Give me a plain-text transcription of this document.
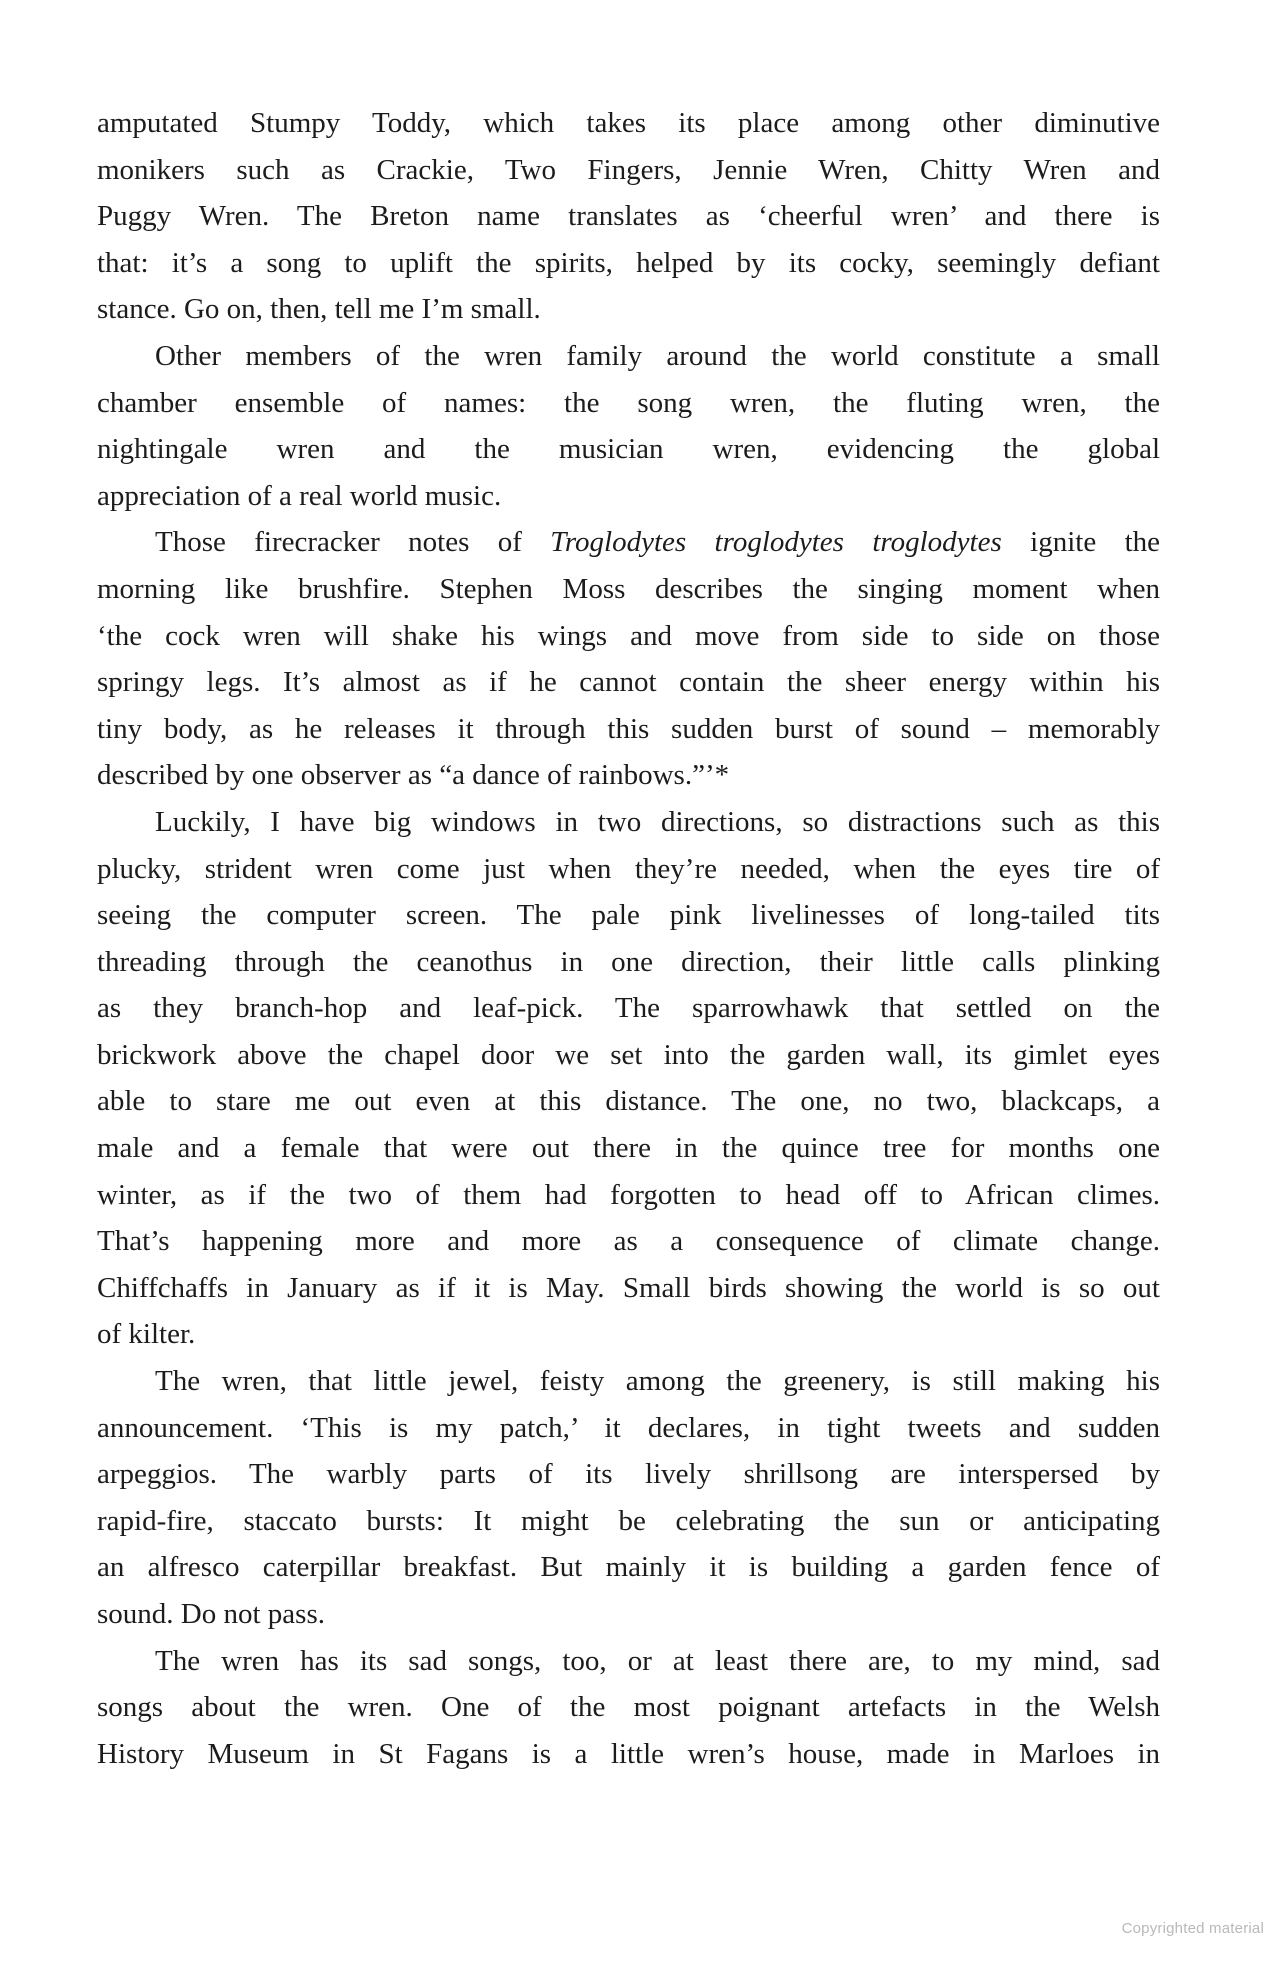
amputated Stumpy Toddy, which takes its place among other diminutive
monikers such as Crackie, Two Fingers, Jennie Wren, Chitty Wren and
Puggy Wren. The Breton name translates as ‘cheerful wren’ and there is
that: it’s a song to uplift the spirits, helped by its cocky, seemingly defiant
stance. Go on, then, tell me I’m small.
Other members of the wren family around the world constitute a small
chamber ensemble of names: the song wren, the fluting wren, the
nightingale wren and the musician wren, evidencing the global
appreciation of a real world music.
Those firecracker notes of Troglodytes troglodytes troglodytes ignite the
morning like brushfire. Stephen Moss describes the singing moment when
‘the cock wren will shake his wings and move from side to side on those
springy legs. It’s almost as if he cannot contain the sheer energy within his
tiny body, as he releases it through this sudden burst of sound – memorably
described by one observer as “a dance of rainbows.”’*
Luckily, I have big windows in two directions, so distractions such as this
plucky, strident wren come just when they’re needed, when the eyes tire of
seeing the computer screen. The pale pink livelinesses of long-tailed tits
threading through the ceanothus in one direction, their little calls plinking
as they branch-hop and leaf-pick. The sparrowhawk that settled on the
brickwork above the chapel door we set into the garden wall, its gimlet eyes
able to stare me out even at this distance. The one, no two, blackcaps, a
male and a female that were out there in the quince tree for months one
winter, as if the two of them had forgotten to head off to African climes.
That’s happening more and more as a consequence of climate change.
Chiffchaffs in January as if it is May. Small birds showing the world is so out
of kilter.
The wren, that little jewel, feisty among the greenery, is still making his
announcement. ‘This is my patch,’ it declares, in tight tweets and sudden
arpeggios. The warbly parts of its lively shrillsong are interspersed by
rapid-fire, staccato bursts: It might be celebrating the sun or anticipating
an alfresco caterpillar breakfast. But mainly it is building a garden fence of
sound. Do not pass.
The wren has its sad songs, too, or at least there are, to my mind, sad
songs about the wren. One of the most poignant artefacts in the Welsh
History Museum in St Fagans is a little wren’s house, made in Marloes in
Copyrighted material
